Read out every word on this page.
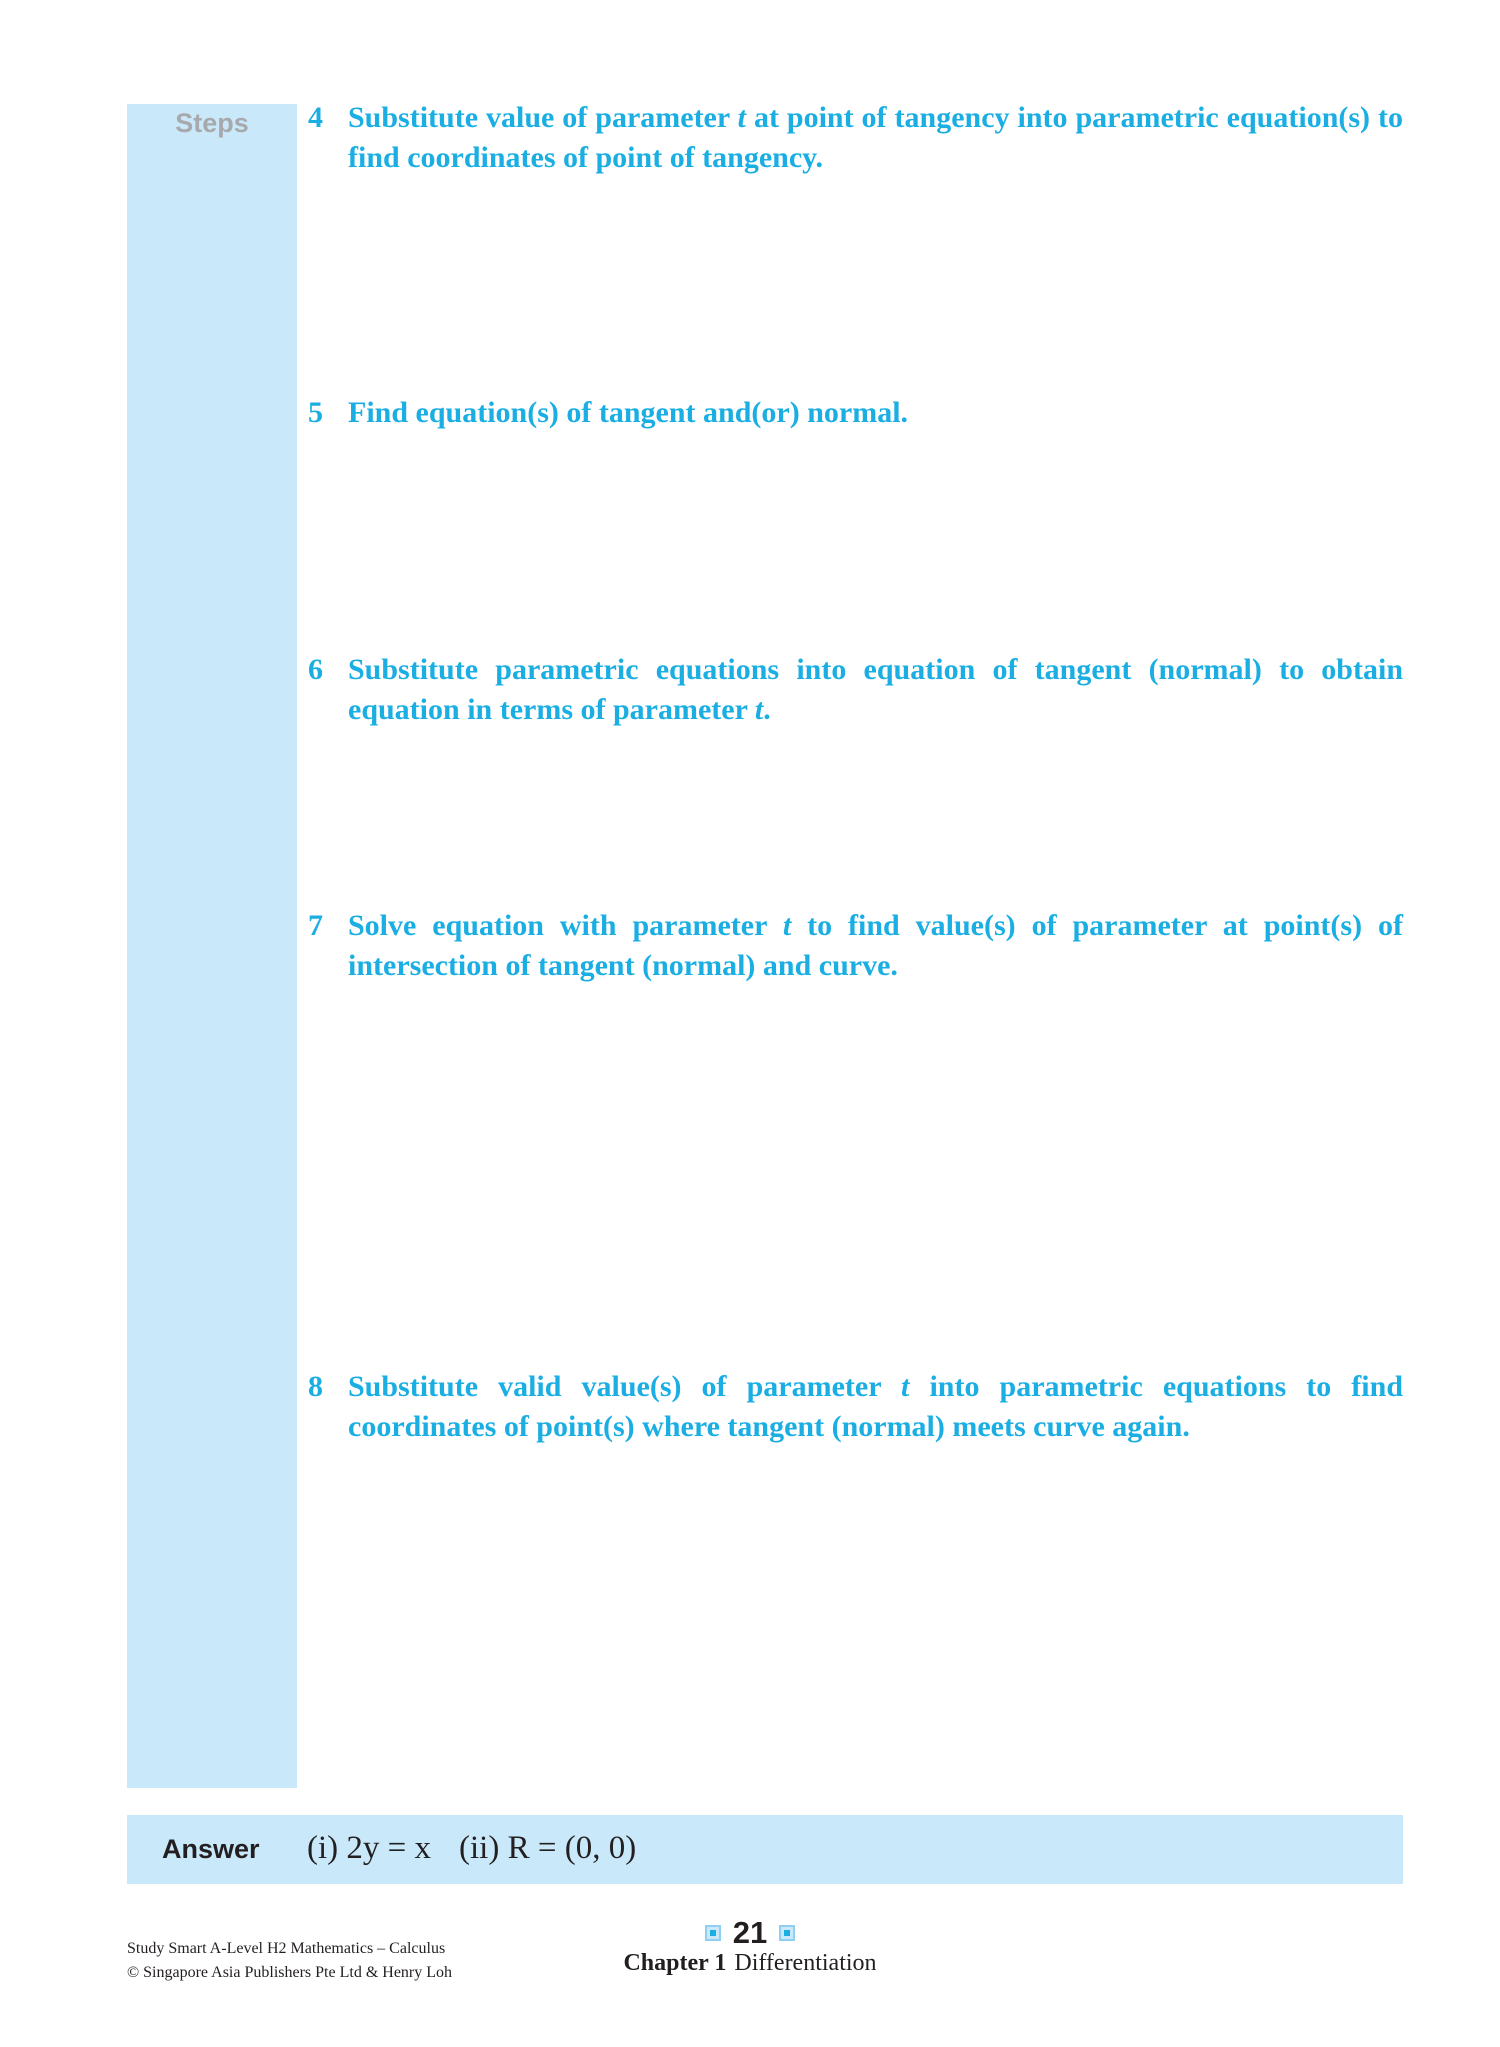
Steps	4 Substitute value of parameter t at point of tangency into parametric equation(s) to find coordinates of point of tangency.
5 Find equation(s) of tangent and(or) normal.
6 Substitute parametric equations into equation of tangent (normal) to obtain equation in terms of parameter t.
7 Solve equation with parameter t to find value(s) of parameter at point(s) of intersection of tangent (normal) and curve.
8 Substitute valid value(s) of parameter t into parametric equations to find coordinates of point(s) where tangent (normal) meets curve again.
Answer (i) 2y = x (ii) R = (0, 0)
Study Smart A-Level H2 Mathematics – Calculus
© Singapore Asia Publishers Pte Ltd & Henry Loh
21
Chapter 1 Differentiation
